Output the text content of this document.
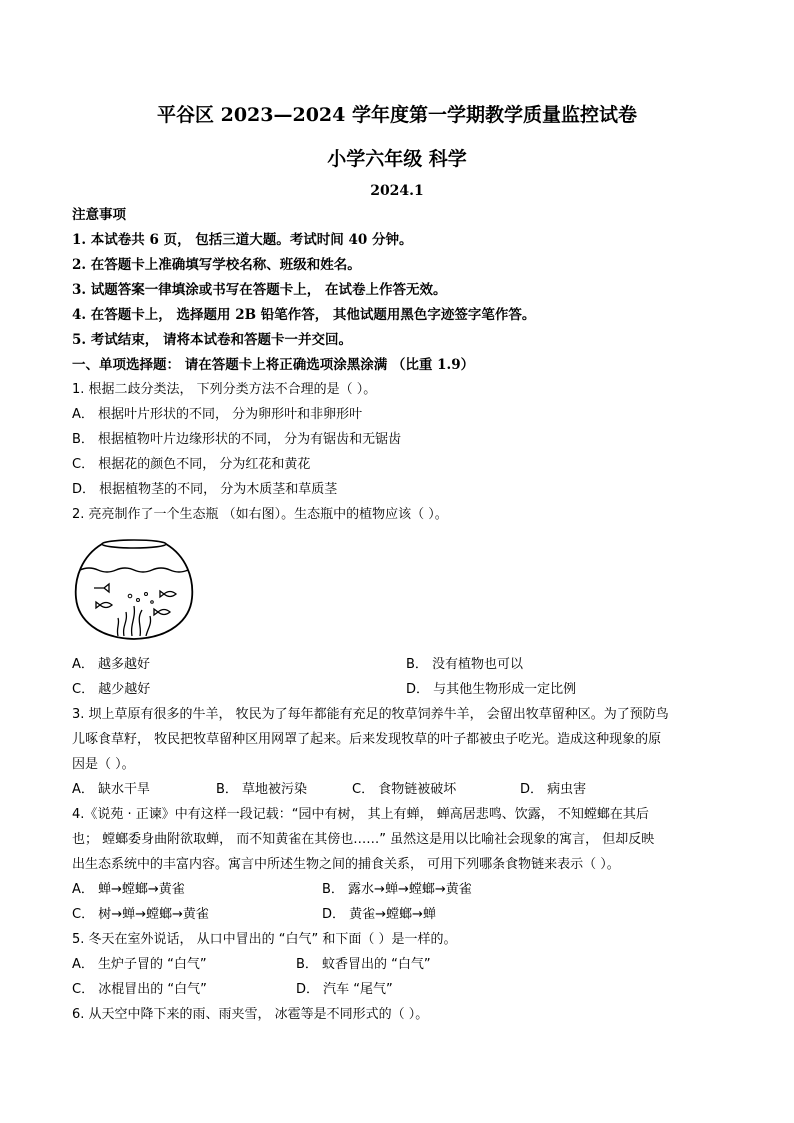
平谷区 2023—2024 学年度第一学期教学质量监控试卷
小学六年级 科学
2024.1
注意事项
1. 本试卷共 6 页， 包括三道大题。考试时间 40 分钟。
2. 在答题卡上准确填写学校名称、班级和姓名。
3. 试题答案一律填涂或书写在答题卡上， 在试卷上作答无效。
4. 在答题卡上， 选择题用 2B 铅笔作答， 其他试题用黑色字迹签字笔作答。
5. 考试结束， 请将本试卷和答题卡一并交回。
一、单项选择题： 请在答题卡上将正确选项涂黑涂满 （比重 1.9）
1. 根据二歧分类法， 下列分类方法不合理的是（ ）。
A． 根据叶片形状的不同， 分为卵形叶和非卵形叶
B． 根据植物叶片边缘形状的不同， 分为有锯齿和无锯齿
C． 根据花的颜色不同， 分为红花和黄花
D． 根据植物茎的不同， 分为木质茎和草质茎
2. 亮亮制作了一个生态瓶 （如右图）。生态瓶中的植物应该（ ）。
A． 越多越好	B． 没有植物也可以
C． 越少越好	D． 与其他生物形成一定比例
3. 坝上草原有很多的牛羊， 牧民为了每年都能有充足的牧草饲养牛羊， 会留出牧草留种区。为了预防鸟
儿啄食草籽， 牧民把牧草留种区用网罩了起来。后来发现牧草的叶子都被虫子吃光。造成这种现象的原
因是（ ）。
A． 缺水干旱	B． 草地被污染	C． 食物链被破坏	D． 病虫害
4.《说苑 · 正谏》中有这样一段记载：“园中有树， 其上有蝉， 蝉高居悲鸣、饮露， 不知螳螂在其后
也； 螳螂委身曲附欲取蝉， 而不知黄雀在其傍也……” 虽然这是用以比喻社会现象的寓言， 但却反映
出生态系统中的丰富内容。寓言中所述生物之间的捕食关系， 可用下列哪条食物链来表示（ ）。
A． 蝉→螳螂→黄雀	B． 露水→蝉→螳螂→黄雀
C． 树→蝉→螳螂→黄雀	D． 黄雀→螳螂→蝉
5. 冬天在室外说话， 从口中冒出的 “白气” 和下面（ ）是一样的。
A． 生炉子冒的 “白气”	B． 蚊香冒出的 “白气”
C． 冰棍冒出的 “白气”	D． 汽车 “尾气”
6. 从天空中降下来的雨、雨夹雪， 冰雹等是不同形式的（ ）。
